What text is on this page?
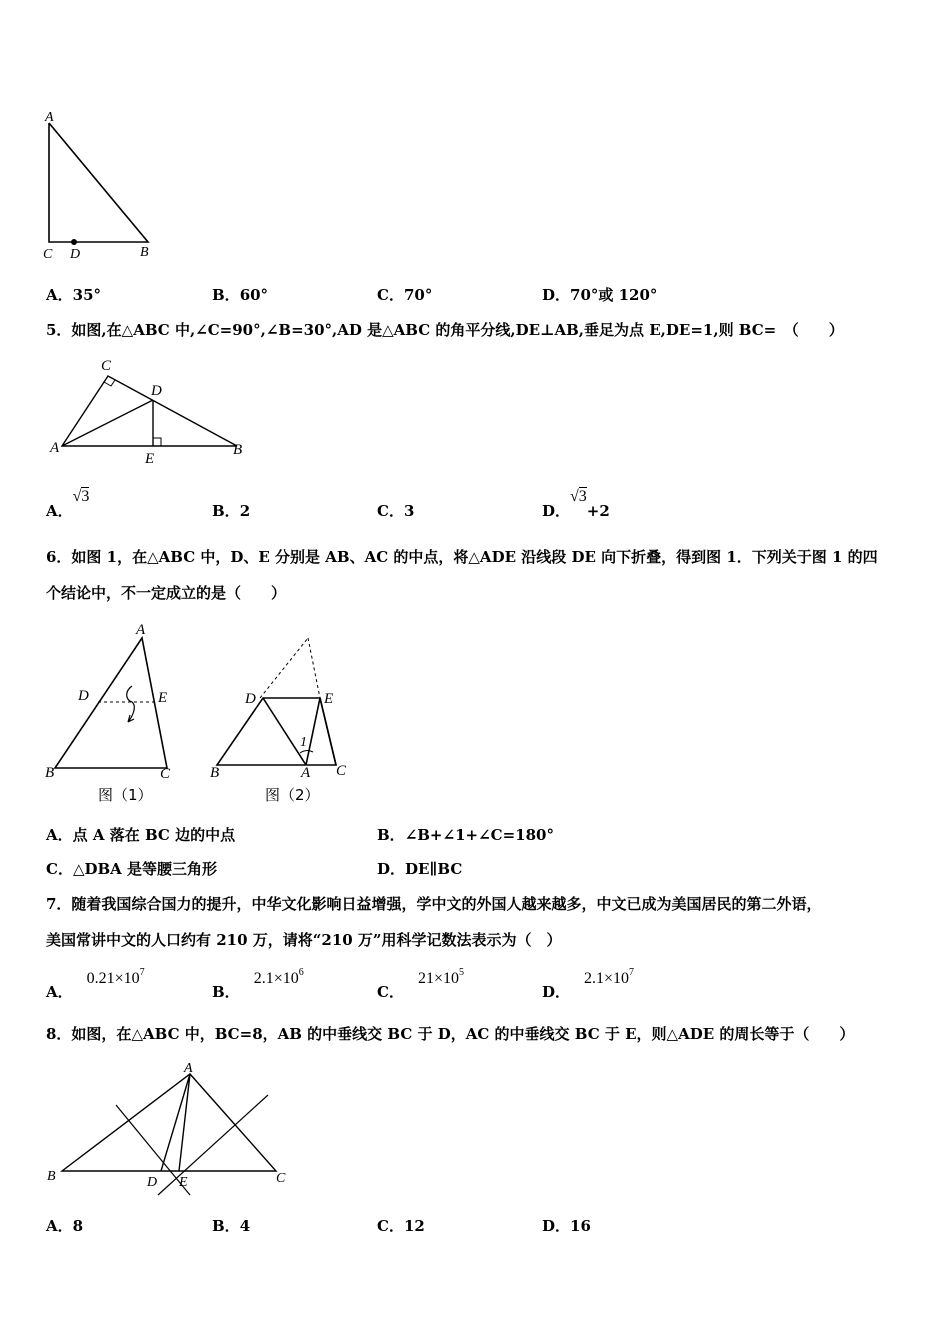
A
C D	B
A．35°	B．60°	C．70°	D．70°或 120°
5．如图,在△ABC 中,∠C=90°,∠B=30°,AD 是△ABC 的角平分线,DE⊥AB,垂足为点 E,DE=1,则 BC=　（　　）
C
D
A	B
E
A．√3
B．2	C．3	D．√3+2
6．如图 1，在△ABC 中，D、E 分别是 AB、AC 的中点，将△ADE 沿线段 DE 向下折叠，得到图 1．下列关于图 1 的四
个结论中，不一定成立的是（　　）
A
D	E
B	C
图（1）
D	E
1
B	A C
图（2）
A．点 A 落在 BC 边的中点	B．∠B+∠1+∠C=180°
C．△DBA 是等腰三角形	D．DE∥BC
7．随着我国综合国力的提升，中华文化影响日益增强，学中文的外国人越来越多，中文已成为美国居民的第二外语，
美国常讲中文的人口约有 210 万，请将“210 万”用科学记数法表示为（　）
A．$0.21\times 10^7$
B．$2.1\times 10^6$
C．$21\times 10^5$
D．$2.1\times 10^7$
8．如图，在△ABC 中，BC=8，AB 的中垂线交 BC 于 D，AC 的中垂线交 BC 于 E，则△ADE 的周长等于（　　）
A
B	D E	C
A．8	B．4	C．12	D．16
